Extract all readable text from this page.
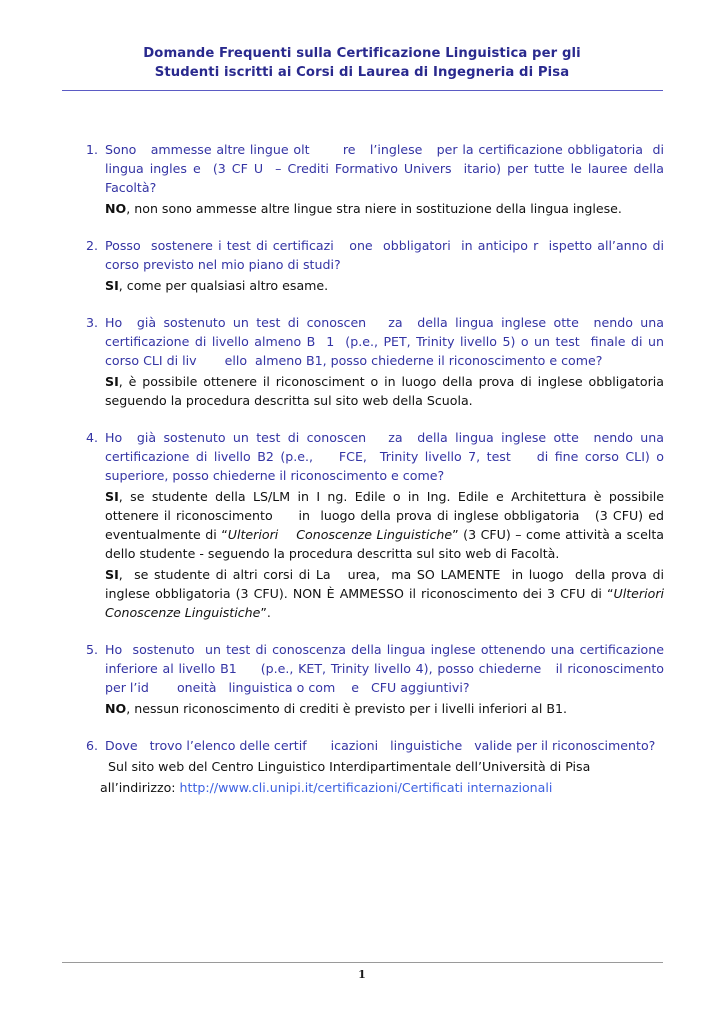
Domande Frequenti sulla Certificazione Linguistica per gli
Studenti iscritti ai Corsi di Laurea di Ingegneria di Pisa
1. Sono   ammesse altre lingue olt       re   l’inglese   per la certificazione obbligatoria  di lingua ingles e  (3 CF U  – Crediti Formativo Univers  itario) per tutte le lauree della Facoltà?

NO, non sono ammesse altre lingue stra niere in sostituzione della lingua inglese.

2. Posso  sostenere i test di certificazi   one  obbligatori  in anticipo r  ispetto all’anno di corso previsto nel mio piano di studi?

SI, come per qualsiasi altro esame.

3. Ho  già sostenuto un test di conoscen   za  della lingua inglese otte  nendo una  certificazione di livello almeno B  1  (p.e., PET, Trinity livello 5) o un test  finale di un corso CLI di liv       ello  almeno B1, posso chiederne il riconoscimento e come?

SI, è possibile ottenere il riconosciment o in luogo della prova di inglese obbligatoria seguendo la procedura descritta sul sito web della Scuola.

4. Ho  già sostenuto un test di conoscen   za  della lingua inglese otte  nendo una  certificazione di livello B2 (p.e.,    FCE,  Trinity livello 7, test    di fine corso CLI) o superiore, posso chiederne il riconoscimento e come?

SI, se studente della LS/LM in I ng. Edile o in Ing. Edile e Architettura è possibile  ottenere il riconoscimento     in  luogo della prova di inglese obbligatoria   (3 CFU) ed eventualmente di “Ulteriori    Conoscenze Linguistiche” (3 CFU) – come attività a scelta dello studente - seguendo la procedura descritta sul sito web di Facoltà.

SI,  se studente di altri corsi di La   urea,  ma SO LAMENTE  in luogo  della prova di inglese obbligatoria (3 CFU). NON È AMMESSO il riconoscimento dei 3 CFU di “Ulteriori Conoscenze Linguistiche”.

5. Ho  sostenuto  un test di conoscenza della lingua inglese ottenendo una certificazione  inferiore al livello B1     (p.e., KET, Trinity livello 4), posso chiederne   il riconoscimento per l’id       oneità   linguistica o com    e   CFU aggiuntivi?

NO, nessun riconoscimento di crediti è previsto per i livelli inferiori al B1.

6. Dove   trovo l’elenco delle certif      icazioni   linguistiche   valide per il riconoscimento?

Sul sito web del Centro Linguistico Interdipartimentale dell’Università di Pisa

all’indirizzo: http://www.cli.unipi.it/certificazioni/Certificati internazionali

1
